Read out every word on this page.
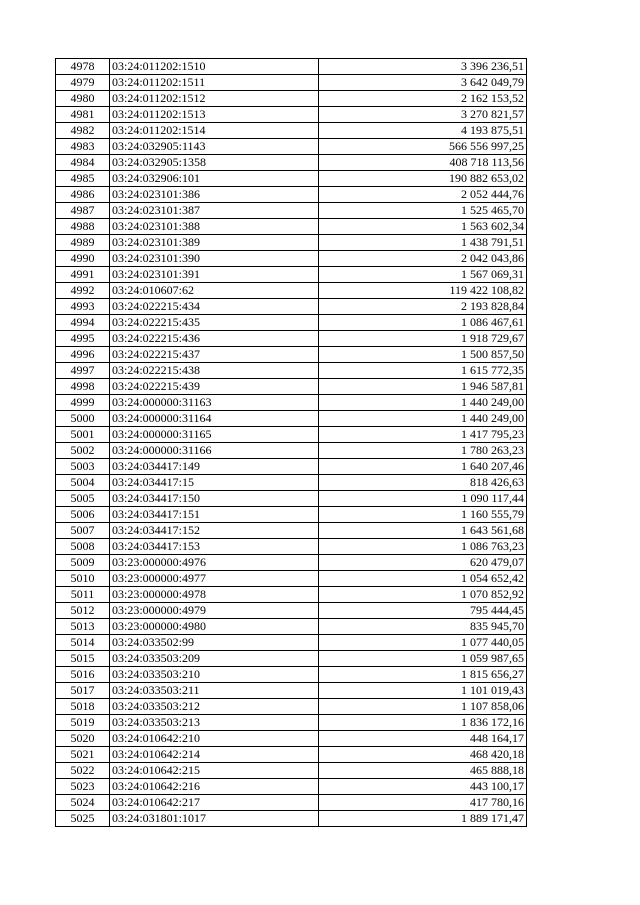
4978	03:24:011202:1510	3 396 236,51
4979	03:24:011202:1511	3 642 049,79
4980	03:24:011202:1512	2 162 153,52
4981	03:24:011202:1513	3 270 821,57
4982	03:24:011202:1514	4 193 875,51
4983	03:24:032905:1143	566 556 997,25
4984	03:24:032905:1358	408 718 113,56
4985	03:24:032906:101	190 882 653,02
4986	03:24:023101:386	2 052 444,76
4987	03:24:023101:387	1 525 465,70
4988	03:24:023101:388	1 563 602,34
4989	03:24:023101:389	1 438 791,51
4990	03:24:023101:390	2 042 043,86
4991	03:24:023101:391	1 567 069,31
4992	03:24:010607:62	119 422 108,82
4993	03:24:022215:434	2 193 828,84
4994	03:24:022215:435	1 086 467,61
4995	03:24:022215:436	1 918 729,67
4996	03:24:022215:437	1 500 857,50
4997	03:24:022215:438	1 615 772,35
4998	03:24:022215:439	1 946 587,81
4999	03:24:000000:31163	1 440 249,00
5000	03:24:000000:31164	1 440 249,00
5001	03:24:000000:31165	1 417 795,23
5002	03:24:000000:31166	1 780 263,23
5003	03:24:034417:149	1 640 207,46
5004	03:24:034417:15	818 426,63
5005	03:24:034417:150	1 090 117,44
5006	03:24:034417:151	1 160 555,79
5007	03:24:034417:152	1 643 561,68
5008	03:24:034417:153	1 086 763,23
5009	03:23:000000:4976	620 479,07
5010	03:23:000000:4977	1 054 652,42
5011	03:23:000000:4978	1 070 852,92
5012	03:23:000000:4979	795 444,45
5013	03:23:000000:4980	835 945,70
5014	03:24:033502:99	1 077 440,05
5015	03:24:033503:209	1 059 987,65
5016	03:24:033503:210	1 815 656,27
5017	03:24:033503:211	1 101 019,43
5018	03:24:033503:212	1 107 858,06
5019	03:24:033503:213	1 836 172,16
5020	03:24:010642:210	448 164,17
5021	03:24:010642:214	468 420,18
5022	03:24:010642:215	465 888,18
5023	03:24:010642:216	443 100,17
5024	03:24:010642:217	417 780,16
5025	03:24:031801:1017	1 889 171,47
